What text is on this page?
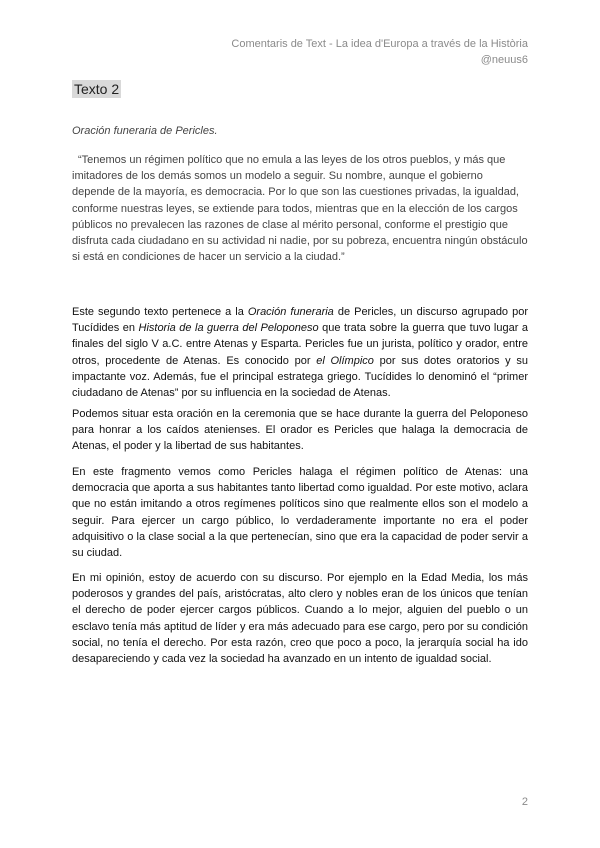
Comentaris de Text - La idea d'Europa a través de la Història
@neuus6
Texto 2
Oración funeraria de Pericles.

“Tenemos un régimen político que no emula a las leyes de los otros pueblos, y más que imitadores de los demás somos un modelo a seguir. Su nombre, aunque el gobierno depende de la mayoría, es democracia. Por lo que son las cuestiones privadas, la igualdad, conforme nuestras leyes, se extiende para todos, mientras que en la elección de los cargos públicos no prevalecen las razones de clase al mérito personal, conforme el prestigio que disfruta cada ciudadano en su actividad ni nadie, por su pobreza, encuentra ningún obstáculo si está en condiciones de hacer un servicio a la ciudad.”

Este segundo texto pertenece a la Oración funeraria de Pericles, un discurso agrupado por Tucídides en Historia de la guerra del Peloponeso que trata sobre la guerra que tuvo lugar a finales del siglo V a.C. entre Atenas y Esparta. Pericles fue un jurista, político y orador, entre otros, procedente de Atenas. Es conocido por el Olímpico por sus dotes oratorios y su impactante voz. Además, fue el principal estratega griego. Tucídides lo denominó el “primer ciudadano de Atenas” por su influencia en la sociedad de Atenas.

Podemos situar esta oración en la ceremonia que se hace durante la guerra del Peloponeso para honrar a los caídos atenienses. El orador es Pericles que halaga la democracia de Atenas, el poder y la libertad de sus habitantes.

En este fragmento vemos como Pericles halaga el régimen político de Atenas: una democracia que aporta a sus habitantes tanto libertad como igualdad. Por este motivo, aclara que no están imitando a otros regímenes políticos sino que realmente ellos son el modelo a seguir. Para ejercer un cargo público, lo verdaderamente importante no era el poder adquisitivo o la clase social a la que pertenecían, sino que era la capacidad de poder servir a su ciudad.

En mi opinión, estoy de acuerdo con su discurso. Por ejemplo en la Edad Media, los más poderosos y grandes del país, aristócratas, alto clero y nobles eran de los únicos que tenían el derecho de poder ejercer cargos públicos. Cuando a lo mejor, alguien del pueblo o un esclavo tenía más aptitud de líder y era más adecuado para ese cargo, pero por su condición social, no tenía el derecho. Por esta razón, creo que poco a poco, la jerarquía social ha ido desapareciendo y cada vez la sociedad ha avanzado en un intento de igualdad social.

2
